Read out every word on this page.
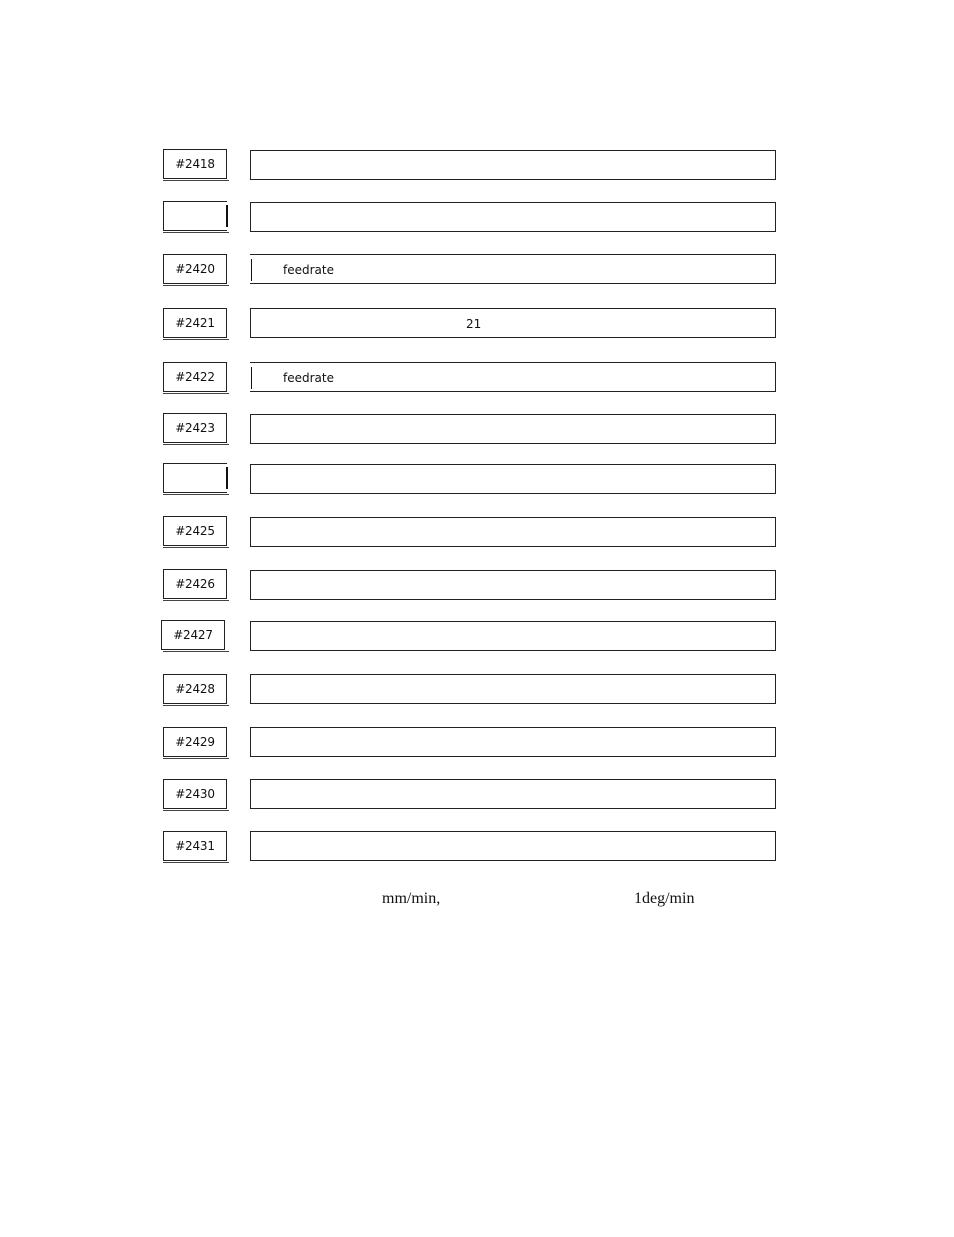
#2418
#2420	feedrate
#2421	21
#2422	feedrate
#2423
#2425
#2426
#2427
#2428
#2429
#2430
#2431
mm/min,	1deg/min
